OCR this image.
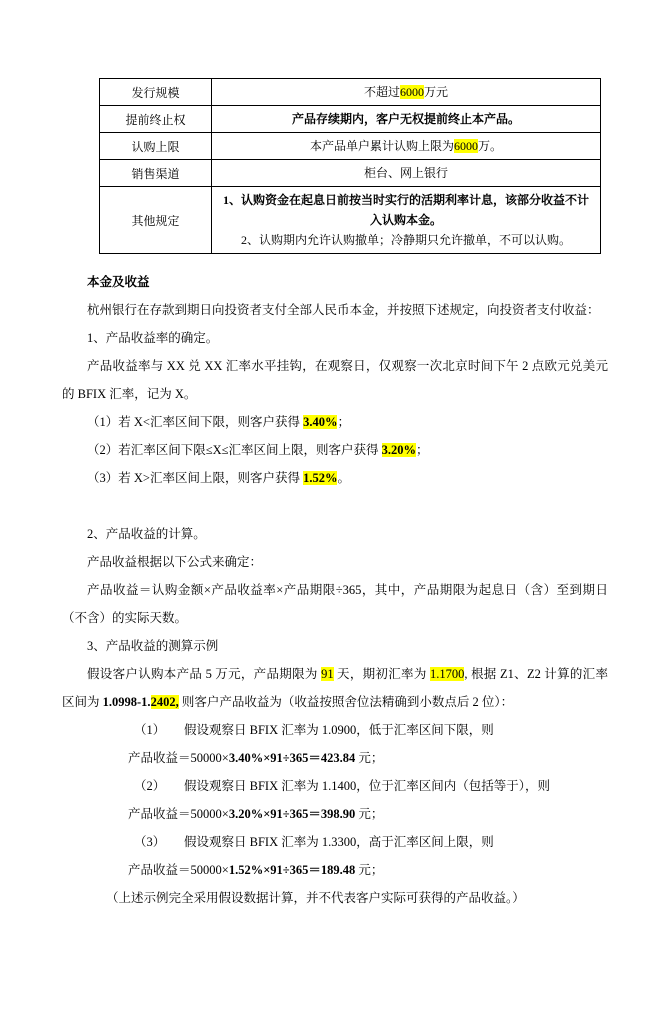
发行规模	不超过6000万元

提前终止权	产品存续期内，客户无权提前终止本产品。

认购上限	本产品单户累计认购上限为6000万。

销售渠道	柜台、网上银行

其他规定	1、认购资金在起息日前按当时实行的活期利率计息，该部分收益不计入认购本金。
2、认购期内允许认购撤单；冷静期只允许撤单，不可以认购。

本金及收益

杭州银行在存款到期日向投资者支付全部人民币本金，并按照下述规定，向投资者支付收益：

1、产品收益率的确定。

产品收益率与 XX 兑 XX 汇率水平挂钩，在观察日，仅观察一次北京时间下午 2 点欧元兑美元的 BFIX 汇率，记为 X。

（1）若 X<汇率区间下限，则客户获得 3.40%；

（2）若汇率区间下限≤X≤汇率区间上限，则客户获得 3.20%；

（3）若 X>汇率区间上限，则客户获得 1.52%。

2、产品收益的计算。

产品收益根据以下公式来确定：

产品收益＝认购金额×产品收益率×产品期限÷365，其中，产品期限为起息日（含）至到期日（不含）的实际天数。

3、产品收益的测算示例

假设客户认购本产品 5 万元，产品期限为 91 天，期初汇率为 1.1700, 根据 Z1、Z2 计算的汇率区间为 1.0998-1.2402, 则客户产品收益为（收益按照舍位法精确到小数点后 2 位）：

（1）　　假设观察日 BFIX 汇率为 1.0900，低于汇率区间下限，则

产品收益＝50000×3.40%×91÷365＝423.84 元；

（2）　　假设观察日 BFIX 汇率为 1.1400，位于汇率区间内（包括等于），则

产品收益＝50000×3.20%×91÷365＝398.90 元；

（3）　　假设观察日 BFIX 汇率为 1.3300，高于汇率区间上限，则

产品收益＝50000×1.52%×91÷365＝189.48 元；

（上述示例完全采用假设数据计算，并不代表客户实际可获得的产品收益。）
